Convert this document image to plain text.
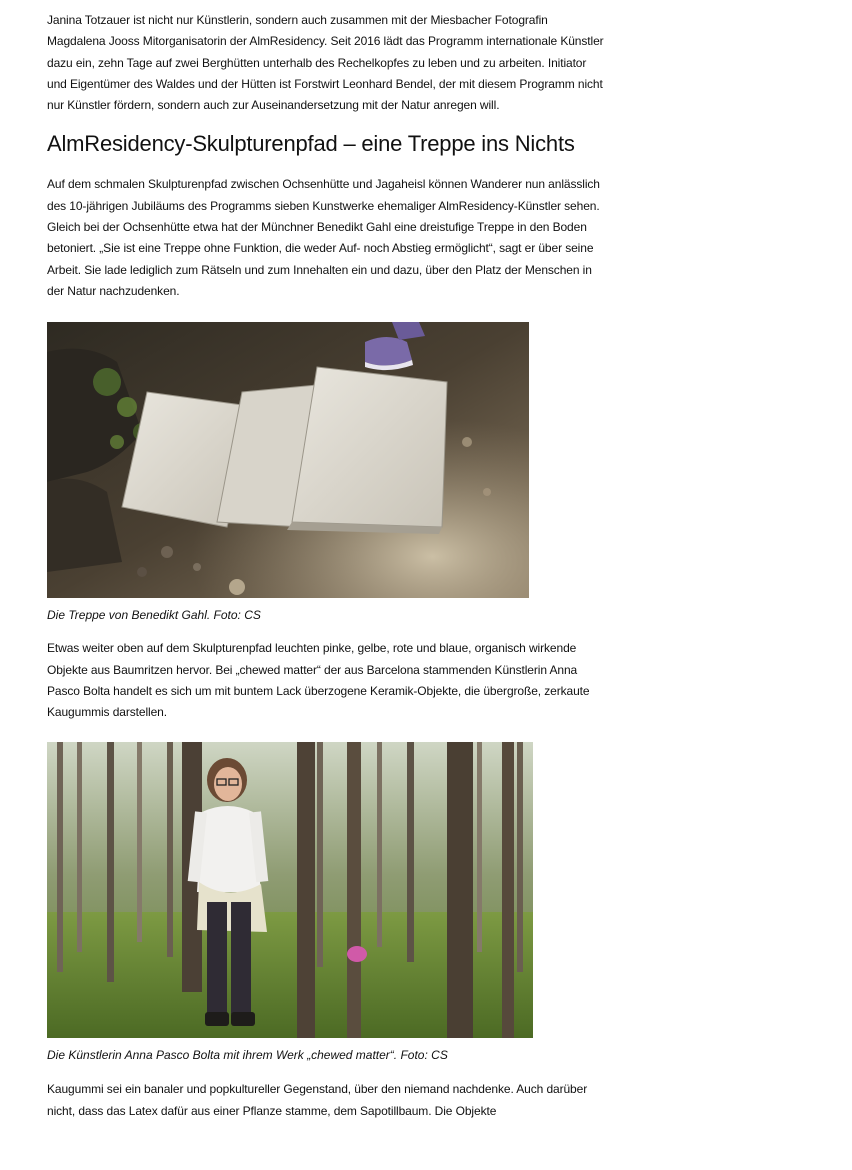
Janina Totzauer ist nicht nur Künstlerin, sondern auch zusammen mit der Miesbacher Fotografin Magdalena Jooss Mitorganisatorin der AlmResidency. Seit 2016 lädt das Programm internationale Künstler dazu ein, zehn Tage auf zwei Berghütten unterhalb des Rechelkopfes zu leben und zu arbeiten. Initiator und Eigentümer des Waldes und der Hütten ist Forstwirt Leonhard Bendel, der mit diesem Programm nicht nur Künstler fördern, sondern auch zur Auseinandersetzung mit der Natur anregen will.

AlmResidency-Skulpturenpfad – eine Treppe ins Nichts

Auf dem schmalen Skulpturenpfad zwischen Ochsenhütte und Jagaheisl können Wanderer nun anlässlich des 10-jährigen Jubiläums des Programms sieben Kunstwerke ehemaliger AlmResidency-Künstler sehen. Gleich bei der Ochsenhütte etwa hat der Münchner Benedikt Gahl eine dreistufige Treppe in den Boden betoniert. „Sie ist eine Treppe ohne Funktion, die weder Auf- noch Abstieg ermöglicht“, sagt er über seine Arbeit. Sie lade lediglich zum Rätseln und zum Innehalten ein und dazu, über den Platz der Menschen in der Natur nachzudenken.

Die Treppe von Benedikt Gahl. Foto: CS

Etwas weiter oben auf dem Skulpturenpfad leuchten pinke, gelbe, rote und blaue, organisch wirkende Objekte aus Baumritzen hervor. Bei „chewed matter“ der aus Barcelona stammenden Künstlerin Anna Pasco Bolta handelt es sich um mit buntem Lack überzogene Keramik-Objekte, die übergroße, zerkaute Kaugummis darstellen.

Die Künstlerin Anna Pasco Bolta mit ihrem Werk „chewed matter“. Foto: CS

Kaugummi sei ein banaler und popkultureller Gegenstand, über den niemand nachdenke. Auch darüber nicht, dass das Latex dafür aus einer Pflanze stamme, dem Sapotillbaum. Die Objekte
